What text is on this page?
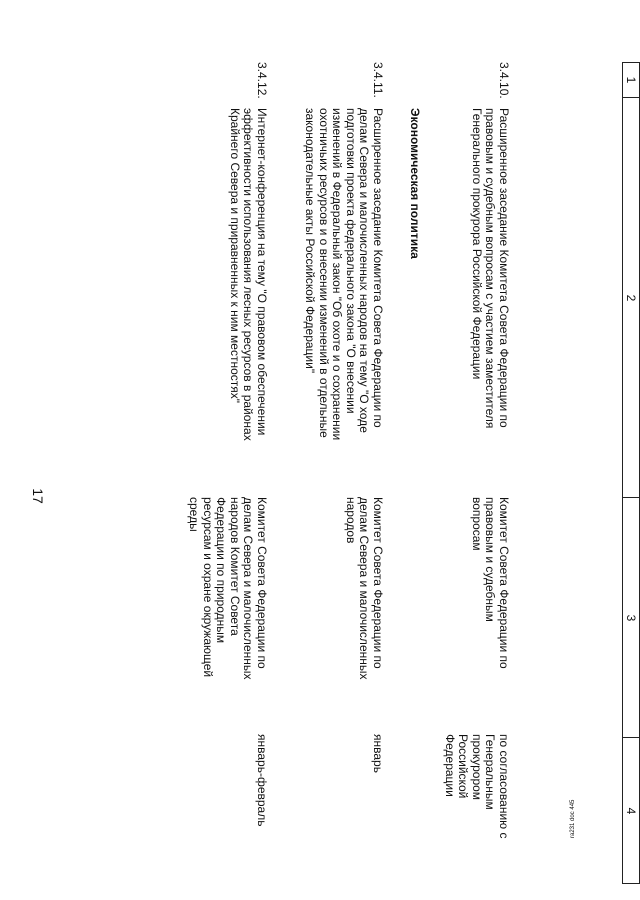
17
ra231 doc 445
1
2
3
4
3.4.10.
Расширенное заседание Комитета Совета Федерации по правовым и судебным вопросам с участием заместителя Генерального прокурора Российской Федерации
Комитет Совета Федерации по правовым и судебным вопросам
по согласованию с Генеральным прокурором Российской Федерации
Экономическая политика
3.4.11.
Расширенное заседание Комитета Совета Федерации по делам Севера и малочисленных народов на тему "О ходе подготовки проекта федерального закона "О внесении изменений в Федеральный закон "Об охоте и о сохранении охотничьих ресурсов и о внесении изменений в отдельные законодательные акты Российской Федерации"
Комитет Совета Федерации по делам Севера и малочисленных народов
январь
3.4.12.
Интернет-конференция на тему "О правовом обеспечении эффективности использования лесных ресурсов в районах Крайнего Севера и приравненных к ним местностях"
Комитет Совета Федерации по делам Севера и малочисленных народов Комитет Совета Федерации по природным ресурсам и охране окружающей среды
январь-февраль
